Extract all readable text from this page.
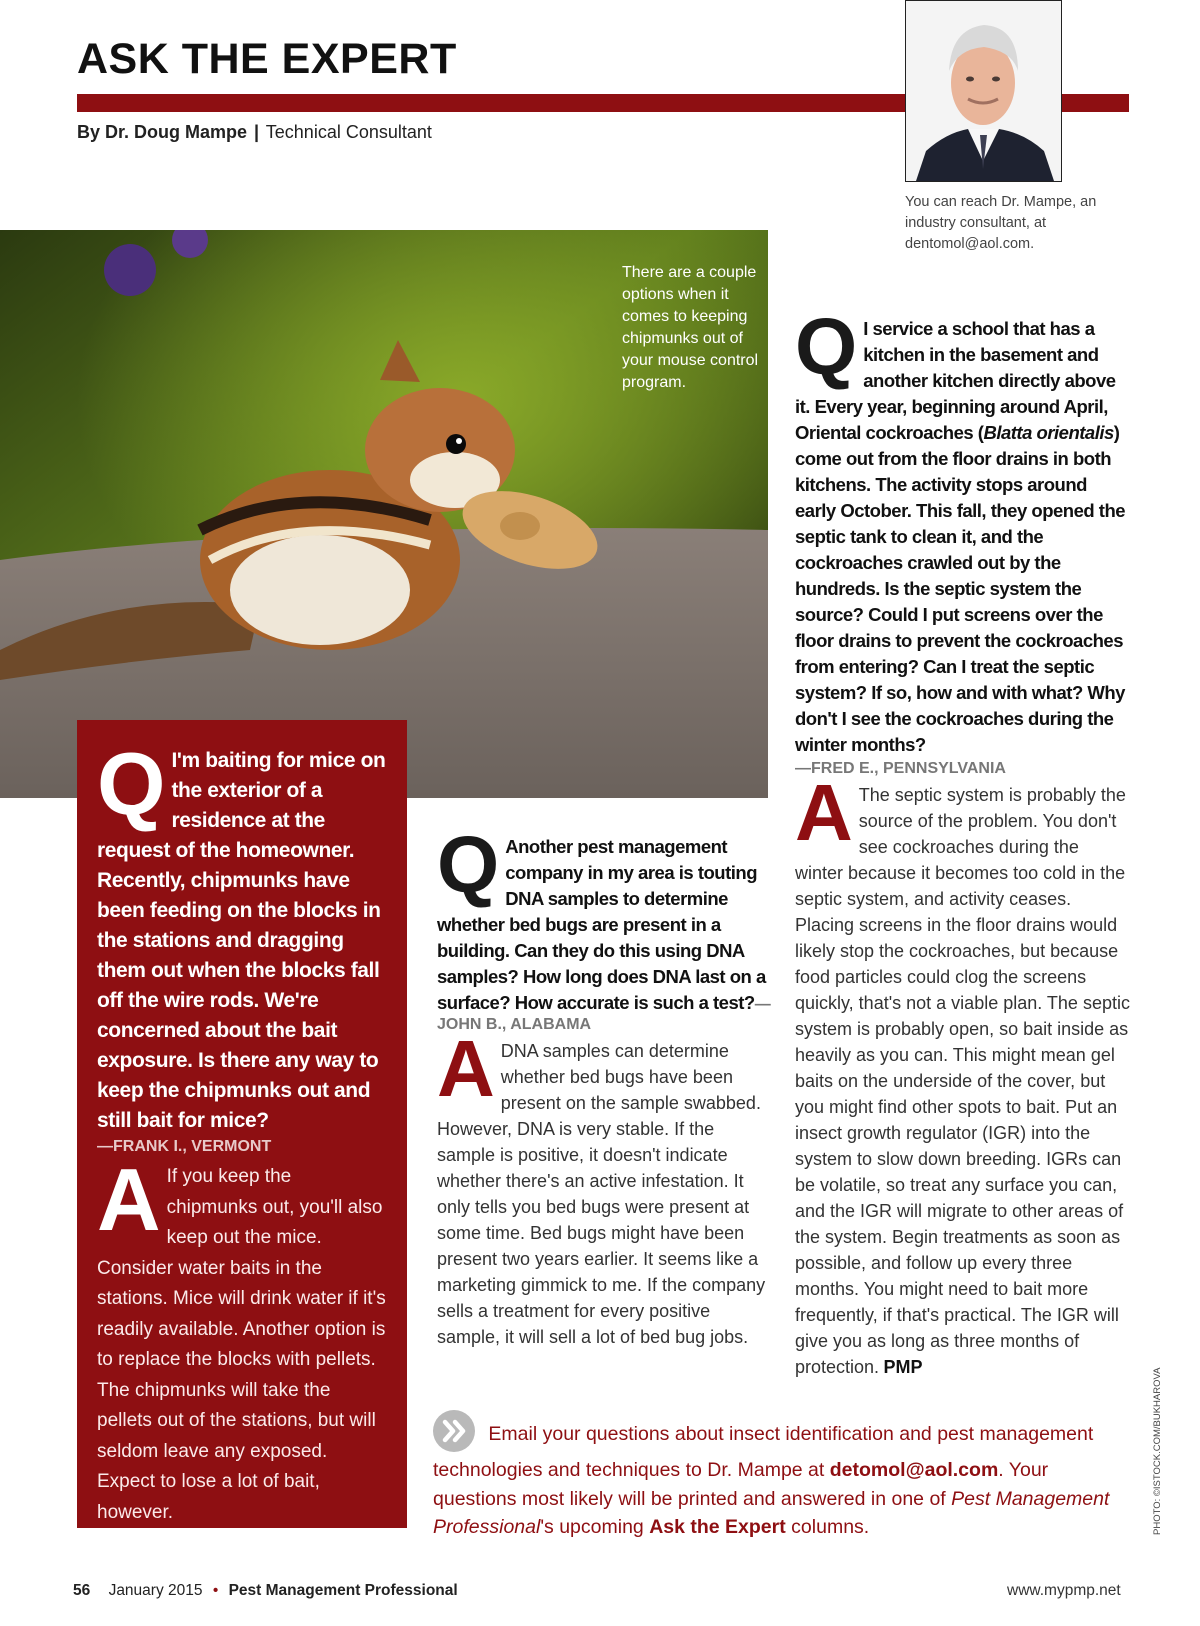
ASK THE EXPERT
By Dr. Doug Mampe | Technical Consultant
You can reach Dr. Mampe, an industry consultant, at dentomol@aol.com.
There are a couple options when it comes to keeping chipmunks out of your mouse control program.
Q I'm baiting for mice on the exterior of a residence at the request of the homeowner. Recently, chipmunks have been feeding on the blocks in the stations and dragging them out when the blocks fall off the wire rods. We're concerned about the bait exposure. Is there any way to keep the chipmunks out and still bait for mice?
—FRANK I., VERMONT
A If you keep the chipmunks out, you'll also keep out the mice. Consider water baits in the stations. Mice will drink water if it's readily available. Another option is to replace the blocks with pellets. The chipmunks will take the pellets out of the stations, but will seldom leave any exposed. Expect to lose a lot of bait, however.
Q Another pest management company in my area is touting DNA samples to determine whether bed bugs are present in a building. Can they do this using DNA samples? How long does DNA last on a surface? How accurate is such a test?—JOHN B., ALABAMA
A DNA samples can determine whether bed bugs have been present on the sample swabbed. However, DNA is very stable. If the sample is positive, it doesn't indicate whether there's an active infestation. It only tells you bed bugs were present at some time. Bed bugs might have been present two years earlier. It seems like a marketing gimmick to me. If the company sells a treatment for every positive sample, it will sell a lot of bed bug jobs.
Q I service a school that has a kitchen in the basement and another kitchen directly above it. Every year, beginning around April, Oriental cockroaches (Blatta orientalis) come out from the floor drains in both kitchens. The activity stops around early October. This fall, they opened the septic tank to clean it, and the cockroaches crawled out by the hundreds. Is the septic system the source? Could I put screens over the floor drains to prevent the cockroaches from entering? Can I treat the septic system? If so, how and with what? Why don't I see the cockroaches during the winter months?
—FRED E., PENNSYLVANIA
A The septic system is probably the source of the problem. You don't see cockroaches during the winter because it becomes too cold in the septic system, and activity ceases. Placing screens in the floor drains would likely stop the cockroaches, but because food particles could clog the screens quickly, that's not a viable plan. The septic system is probably open, so bait inside as heavily as you can. This might mean gel baits on the underside of the cover, but you might find other spots to bait. Put an insect growth regulator (IGR) into the system to slow down breeding. IGRs can be volatile, so treat any surface you can, and the IGR will migrate to other areas of the system. Begin treatments as soon as possible, and follow up every three months. You might need to bait more frequently, if that's practical. The IGR will give you as long as three months of protection. PMP
Email your questions about insect identification and pest management technologies and techniques to Dr. Mampe at detomol@aol.com. Your questions most likely will be printed and answered in one of Pest Management Professional's upcoming Ask the Expert columns.	PHOTO: ©ISTOCK.COM/BUKHAROVA
56 January 2015 • Pest Management Professional	www.mypmp.net
